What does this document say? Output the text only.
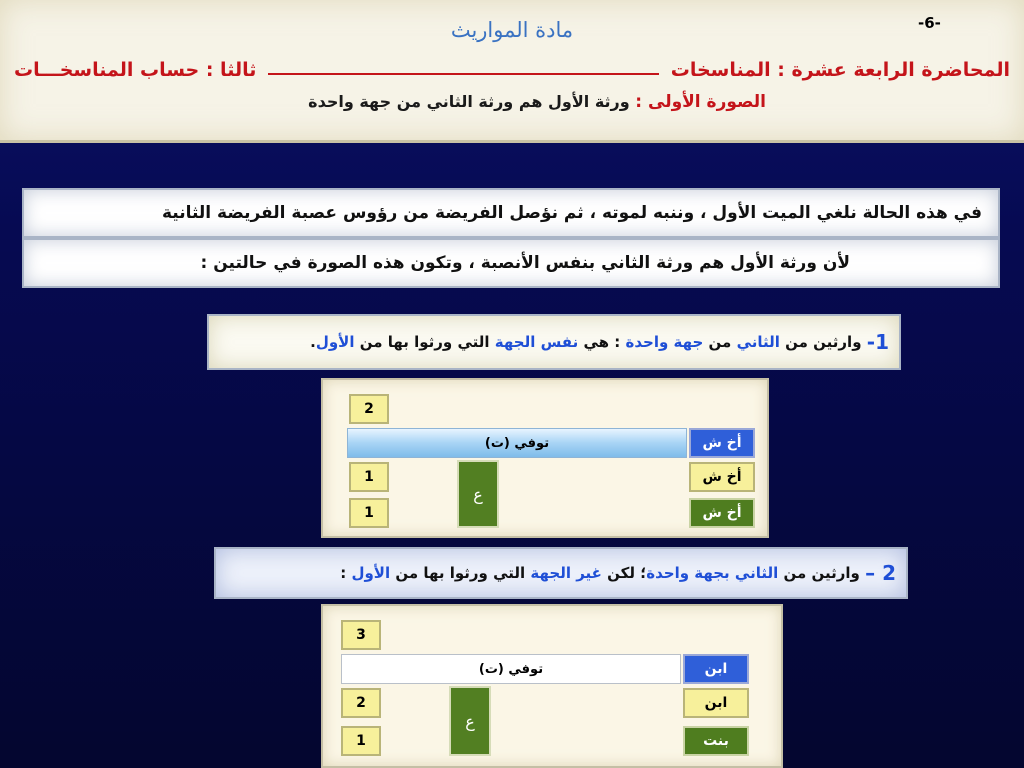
-6-
مادة المواريث
المحاضرة الرابعة عشرة : المناسخات
ثالثا : حساب المناسخـــات
الصورة الأولى : ورثة الأول هم ورثة الثاني من جهة واحدة
في هذه الحالة نلغي الميت الأول ، وننبه لموته ، ثم نؤصل الفريضة من رؤوس عصبة الفريضة الثانية
لأن ورثة الأول هم ورثة الثاني بنفس الأنصبة ، وتكون هذه الصورة في حالتين :
1-

وارثين من

الثاني

من

جهة واحدة

: هي

نفس الجهة

التي ورثوا بها من

الأول
.
2
توفي (ت)	أخ ش
1	أخ ش
1	أخ ش
ع
2 –

وارثين من

الثاني بجهة واحدة
؛ لكن

غير الجهة

التي ورثوا بها من

الأول

:
3
توفي (ت)	ابن
2	ابن
1	بنت
ع
